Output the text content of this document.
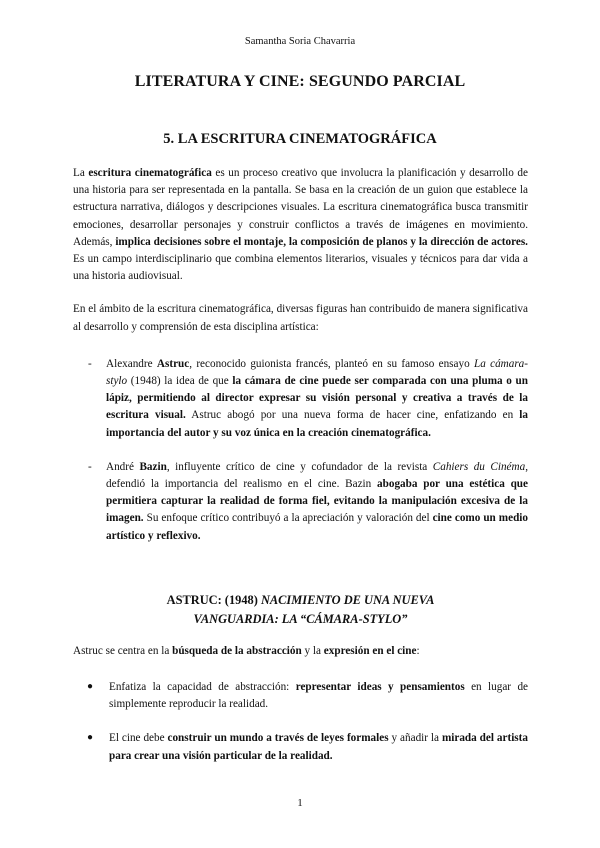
Samantha Soria Chavarria
LITERATURA Y CINE: SEGUNDO PARCIAL
5. LA ESCRITURA CINEMATOGRÁFICA

La escritura cinematográfica es un proceso creativo que involucra la planificación y desarrollo de una historia para ser representada en la pantalla. Se basa en la creación de un guion que establece la estructura narrativa, diálogos y descripciones visuales. La escritura cinematográfica busca transmitir emociones, desarrollar personajes y construir conflictos a través de imágenes en movimiento. Además, implica decisiones sobre el montaje, la composición de planos y la dirección de actores. Es un campo interdisciplinario que combina elementos literarios, visuales y técnicos para dar vida a una historia audiovisual.

En el ámbito de la escritura cinematográfica, diversas figuras han contribuido de manera significativa al desarrollo y comprensión de esta disciplina artística:

- Alexandre Astruc, reconocido guionista francés, planteó en su famoso ensayo La cámara-stylo (1948) la idea de que la cámara de cine puede ser comparada con una pluma o un lápiz, permitiendo al director expresar su visión personal y creativa a través de la escritura visual. Astruc abogó por una nueva forma de hacer cine, enfatizando en la importancia del autor y su voz única en la creación cinematográfica.
- André Bazin, influyente crítico de cine y cofundador de la revista Cahiers du Cinéma, defendió la importancia del realismo en el cine. Bazin abogaba por una estética que permitiera capturar la realidad de forma fiel, evitando la manipulación excesiva de la imagen. Su enfoque crítico contribuyó a la apreciación y valoración del cine como un medio artístico y reflexivo.
ASTRUC: (1948) NACIMIENTO DE UNA NUEVA
VANGUARDIA: LA “CÁMARA-STYLO”

Astruc se centra en la búsqueda de la abstracción y la expresión en el cine:

● Enfatiza la capacidad de abstracción: representar ideas y pensamientos en lugar de simplemente reproducir la realidad.
● El cine debe construir un mundo a través de leyes formales y añadir la mirada del artista para crear una visión particular de la realidad.
1
